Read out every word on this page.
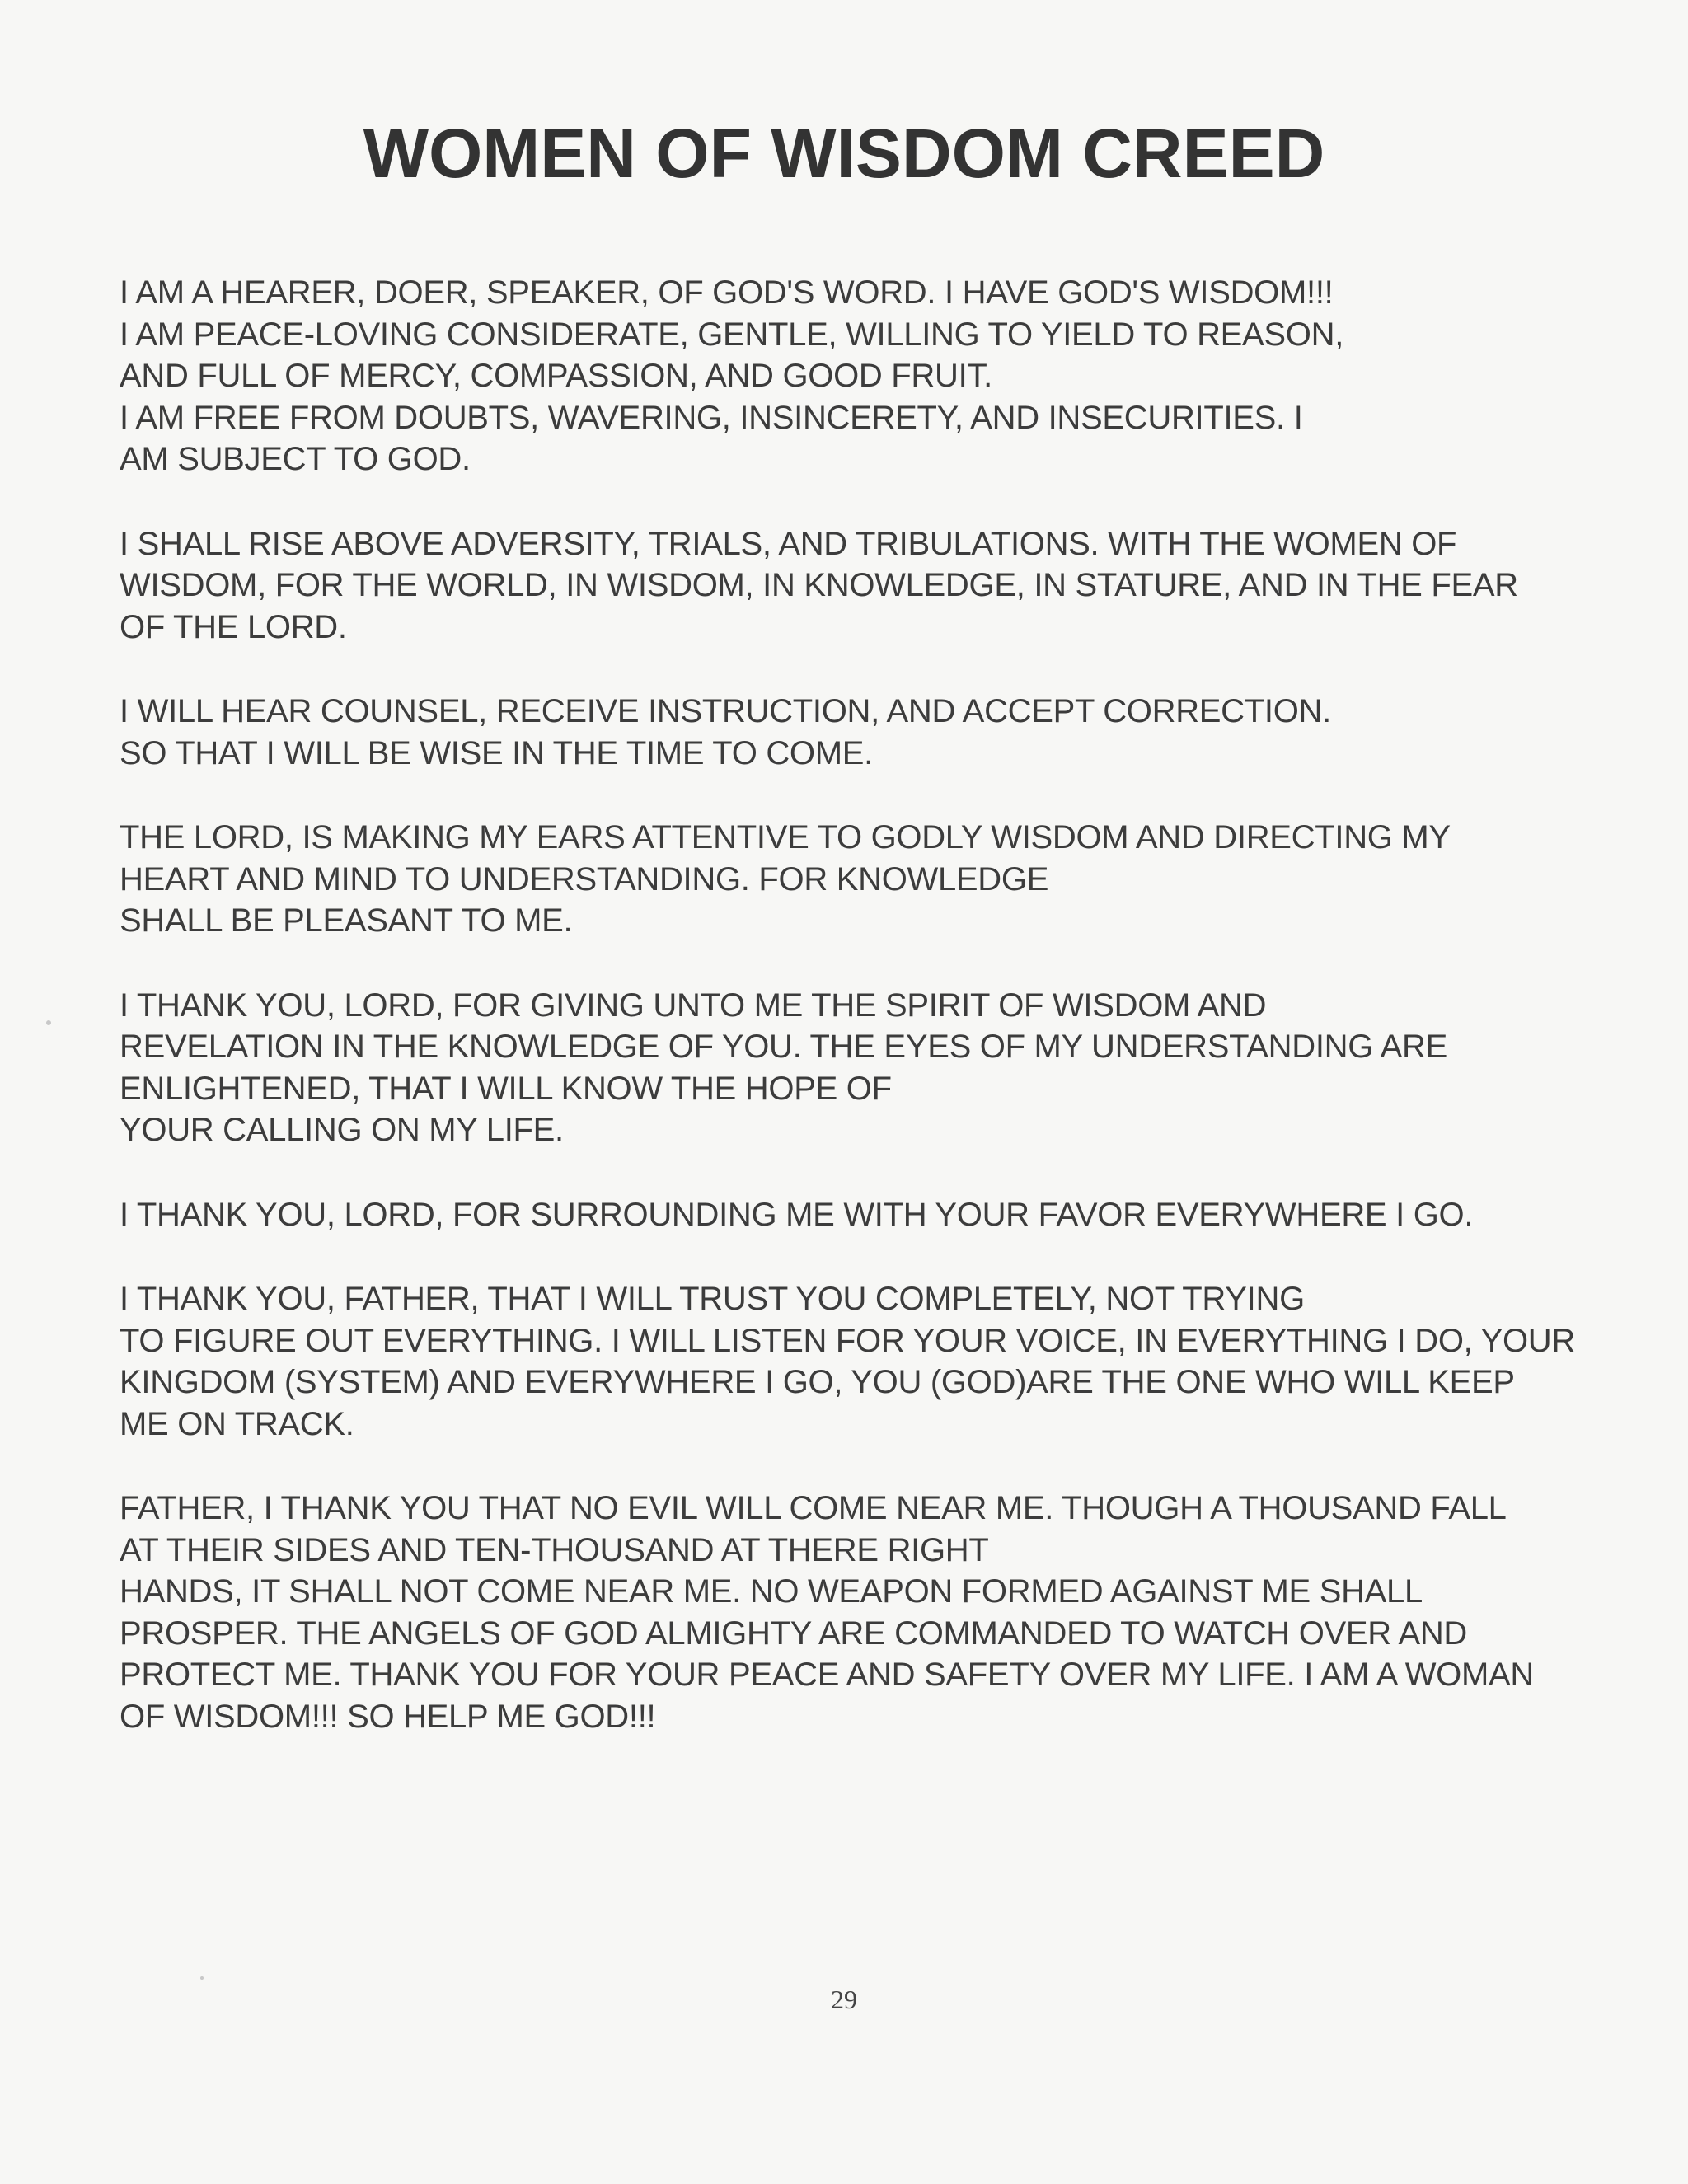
WOMEN OF WISDOM CREED
I AM A HEARER, DOER, SPEAKER, OF GOD'S WORD. I HAVE GOD'S WISDOM!!!
I AM PEACE-LOVING CONSIDERATE, GENTLE, WILLING TO YIELD TO REASON,
AND FULL OF MERCY, COMPASSION, AND GOOD FRUIT.
I AM FREE FROM DOUBTS, WAVERING, INSINCERETY, AND INSECURITIES. I
AM SUBJECT TO GOD.
I SHALL RISE ABOVE ADVERSITY, TRIALS, AND TRIBULATIONS. WITH THE WOMEN OF
WISDOM, FOR THE WORLD, IN WISDOM, IN KNOWLEDGE, IN STATURE, AND IN THE FEAR
OF THE LORD.
I WILL HEAR COUNSEL, RECEIVE INSTRUCTION, AND ACCEPT CORRECTION.
SO THAT I WILL BE WISE IN THE TIME TO COME.
THE LORD, IS MAKING MY EARS ATTENTIVE TO GODLY WISDOM AND DIRECTING MY
HEART AND MIND TO UNDERSTANDING. FOR KNOWLEDGE
SHALL BE PLEASANT TO ME.
I THANK YOU, LORD, FOR GIVING UNTO ME THE SPIRIT OF WISDOM AND
REVELATION IN THE KNOWLEDGE OF YOU. THE EYES OF MY UNDERSTANDING ARE
ENLIGHTENED, THAT I WILL KNOW THE HOPE OF
YOUR CALLING ON MY LIFE.
I THANK YOU, LORD, FOR SURROUNDING ME WITH YOUR FAVOR EVERYWHERE I GO.
I THANK YOU, FATHER, THAT I WILL TRUST YOU COMPLETELY, NOT TRYING
TO FIGURE OUT EVERYTHING. I WILL LISTEN FOR YOUR VOICE, IN EVERYTHING I DO, YOUR
KINGDOM (SYSTEM) AND EVERYWHERE I GO, YOU (GOD)ARE THE ONE WHO WILL KEEP
ME ON TRACK.
FATHER, I THANK YOU THAT NO EVIL WILL COME NEAR ME. THOUGH A THOUSAND FALL
AT THEIR SIDES AND TEN-THOUSAND AT THERE RIGHT
HANDS, IT SHALL NOT COME NEAR ME. NO WEAPON FORMED AGAINST ME SHALL
PROSPER. THE ANGELS OF GOD ALMIGHTY ARE COMMANDED TO WATCH OVER AND
PROTECT ME. THANK YOU FOR YOUR PEACE AND SAFETY OVER MY LIFE. I AM A WOMAN
OF WISDOM!!! SO HELP ME GOD!!!
29
